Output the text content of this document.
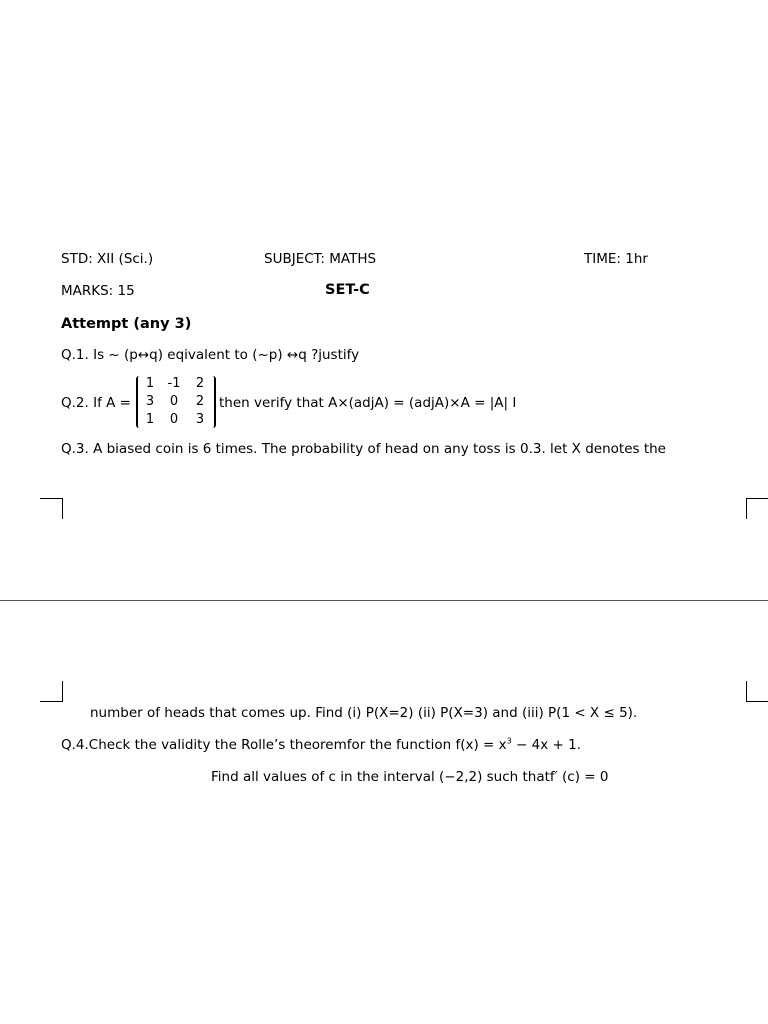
STD: XII (Sci.)	SUBJECT: MATHS	TIME: 1hr
MARKS: 15	SET-C
Attempt (any 3)
Q.1. Is ~ (p↔q) eqivalent to (~p) ↔q ?justify
Q.2. If A =
1	-1	2
3	0	2
1	0	3
then verify that A×(adjA) = (adjA)×A = |A| I
Q.3. A biased coin is 6 times. The probability of head on any toss is 0.3. let X denotes the
number of heads that comes up. Find (i) P(X=2) (ii) P(X=3) and (iii) P(1 < X ≤ 5).
Q.4.Check the validity the Rolle’s theoremfor the function $f(x) = x^3 - 4x + 1$.
Find all values of c in the interval (−2,2) such thatf′ (c) = 0
